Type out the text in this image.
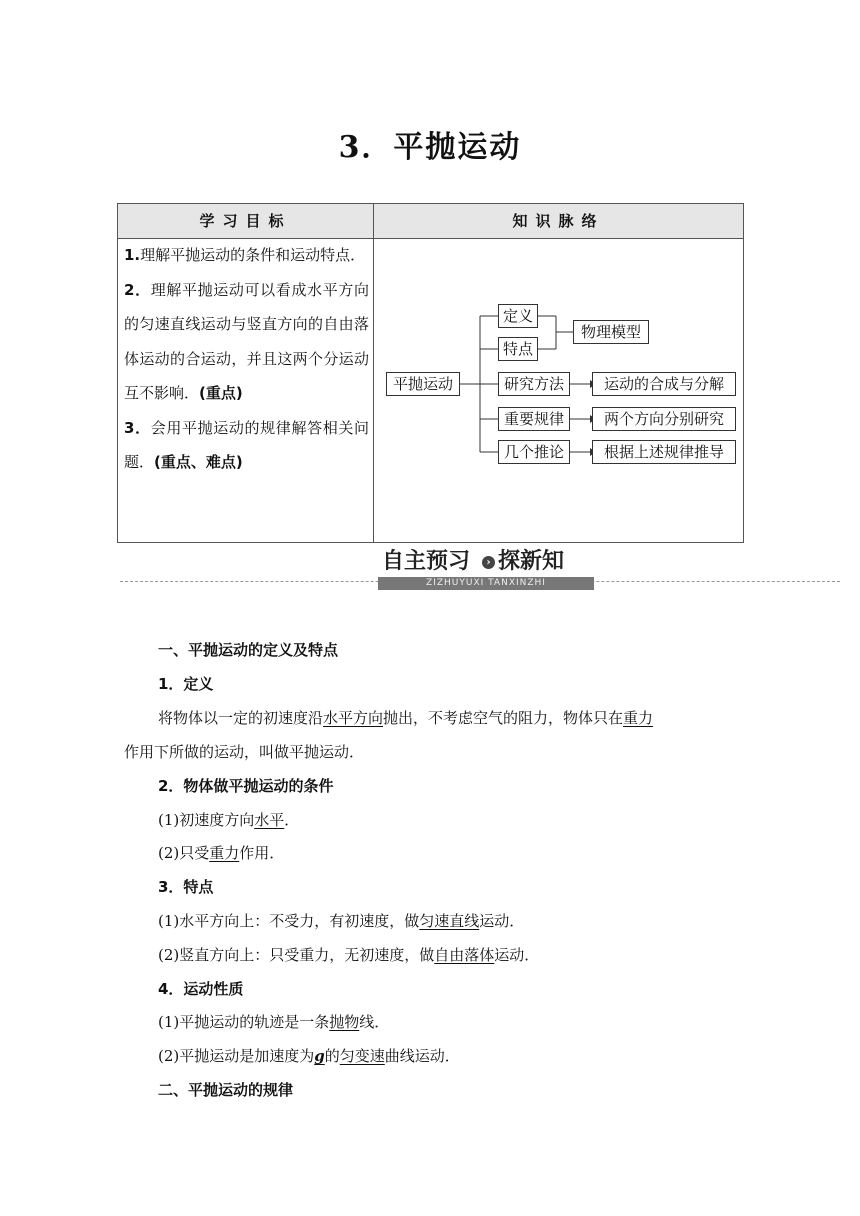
3．平抛运动
学习目标	知识脉络

1.理解平抛运动的条件和运动特点．

2．理解平抛运动可以看成水平方向的匀速直线运动与竖直方向的自由落体运动的合运动，并且这两个分运动互不影响．(重点)

3．会用平抛运动的规律解答相关问题．(重点、难点)

平抛运动
定义
特点
研究方法
重要规律
几个推论
物理模型
运动的合成与分解
两个方向分别研究
根据上述规律推导
自主预习	› 探新知
ZIZHUYUXI TANXINZHI
一、平抛运动的定义及特点
1．定义
将物体以一定的初速度沿水平方向抛出，不考虑空气的阻力，物体只在重力
作用下所做的运动，叫做平抛运动．
2．物体做平抛运动的条件
(1)初速度方向水平．
(2)只受重力作用．
3．特点
(1)水平方向上：不受力，有初速度，做匀速直线运动．
(2)竖直方向上：只受重力，无初速度，做自由落体运动．
4．运动性质
(1)平抛运动的轨迹是一条抛物线．
(2)平抛运动是加速度为g的匀变速曲线运动．
二、平抛运动的规律
